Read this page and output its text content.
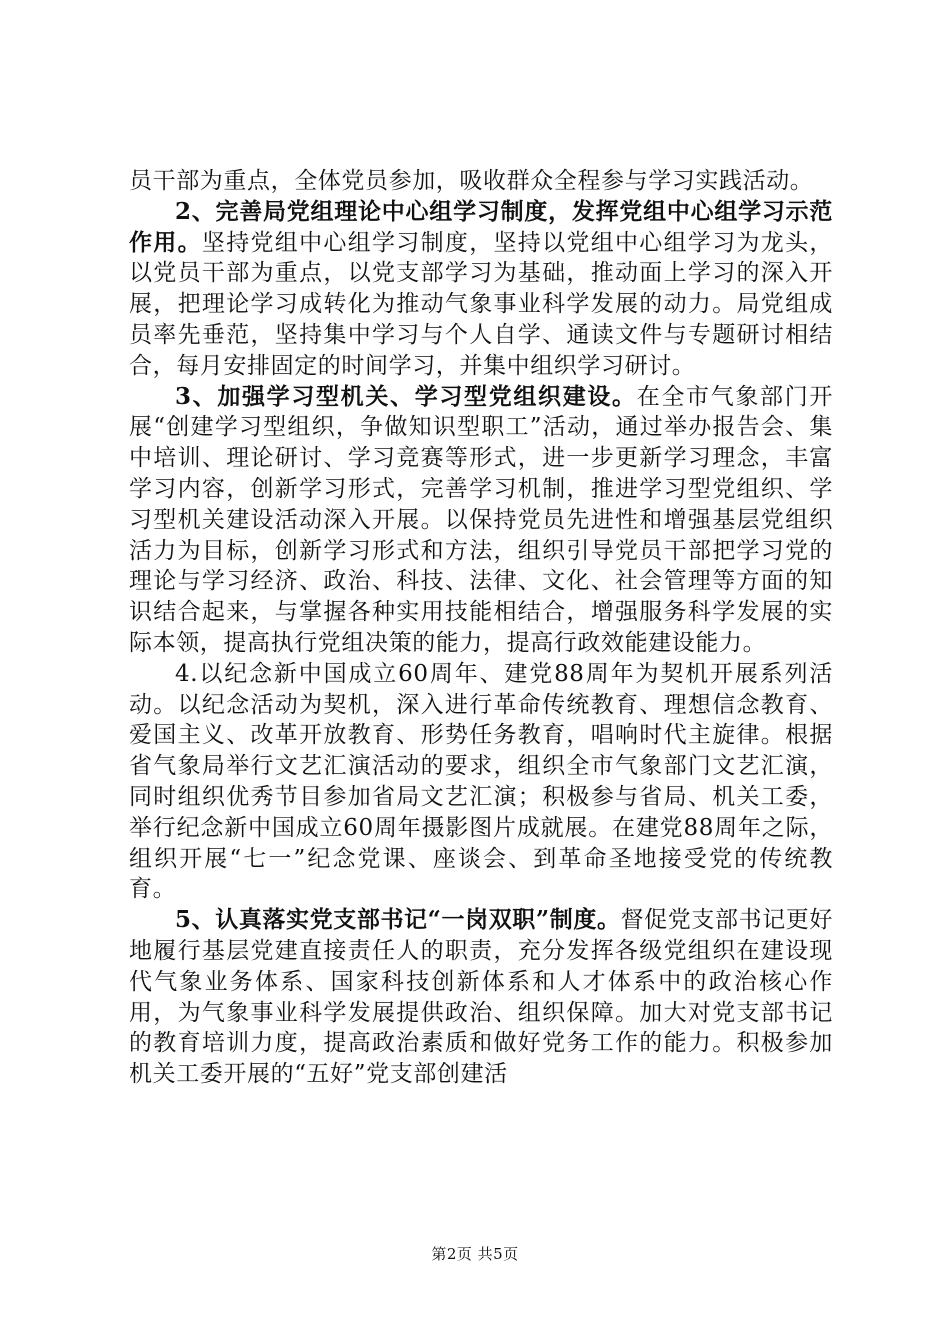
员干部为重点，全体党员参加，吸收群众全程参与学习实践活动。

2、完善局党组理论中心组学习制度，发挥党组中心组学习示范作用。坚持党组中心组学习制度，坚持以党组中心组学习为龙头，以党员干部为重点，以党支部学习为基础，推动面上学习的深入开展，把理论学习成转化为推动气象事业科学发展的动力。局党组成员率先垂范，坚持集中学习与个人自学、通读文件与专题研讨相结合，每月安排固定的时间学习，并集中组织学习研讨。

3、加强学习型机关、学习型党组织建设。在全市气象部门开展“创建学习型组织，争做知识型职工”活动，通过举办报告会、集中培训、理论研讨、学习竞赛等形式，进一步更新学习理念，丰富学习内容，创新学习形式，完善学习机制，推进学习型党组织、学习型机关建设活动深入开展。以保持党员先进性和增强基层党组织活力为目标，创新学习形式和方法，组织引导党员干部把学习党的理论与学习经济、政治、科技、法律、文化、社会管理等方面的知识结合起来，与掌握各种实用技能相结合，增强服务科学发展的实际本领，提高执行党组决策的能力，提高行政效能建设能力。

4.以纪念新中国成立60周年、建党88周年为契机开展系列活动。以纪念活动为契机，深入进行革命传统教育、理想信念教育、爱国主义、改革开放教育、形势任务教育，唱响时代主旋律。根据省气象局举行文艺汇演活动的要求，组织全市气象部门文艺汇演，同时组织优秀节目参加省局文艺汇演；积极参与省局、机关工委，举行纪念新中国成立60周年摄影图片成就展。在建党88周年之际，组织开展“七一”纪念党课、座谈会、到革命圣地接受党的传统教育。

5、认真落实党支部书记“一岗双职”制度。督促党支部书记更好地履行基层党建直接责任人的职责，充分发挥各级党组织在建设现代气象业务体系、国家科技创新体系和人才体系中的政治核心作用，为气象事业科学发展提供政治、组织保障。加大对党支部书记的教育培训力度，提高政治素质和做好党务工作的能力。积极参加机关工委开展的“五好”党支部创建活

第2页 共5页
